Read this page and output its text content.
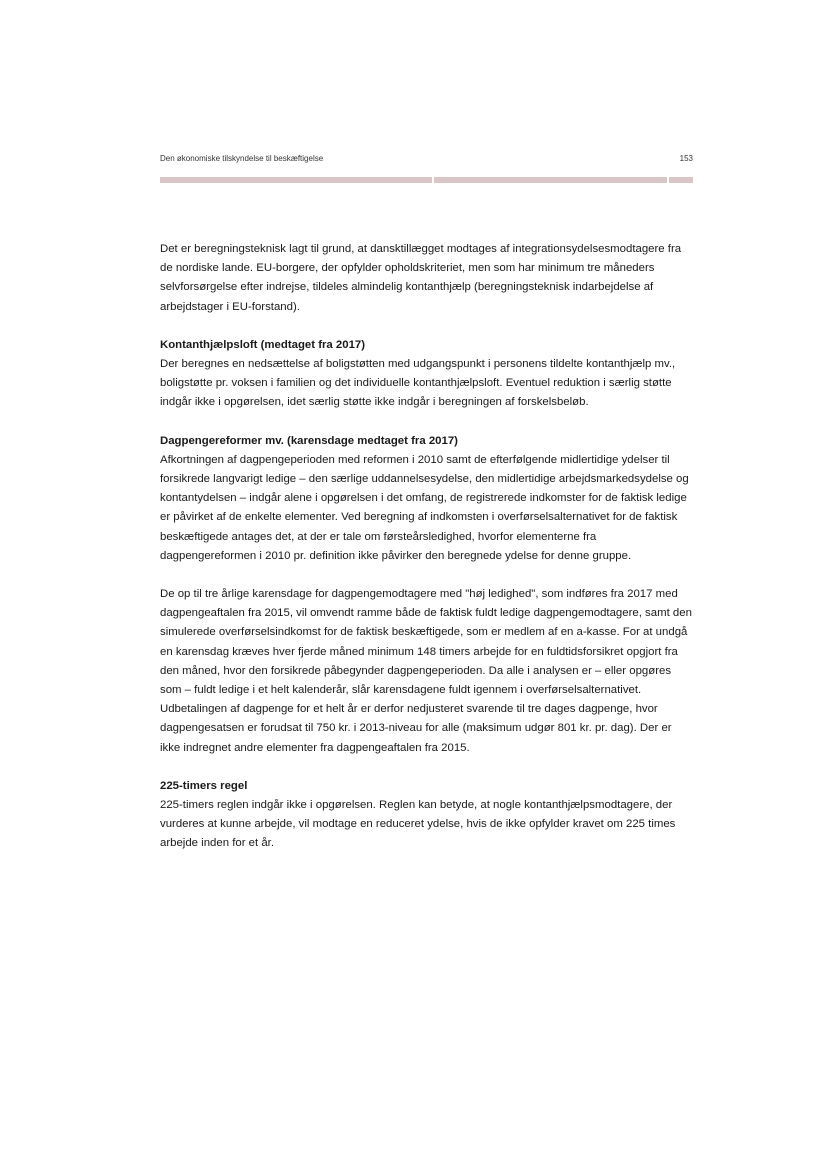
Den økonomiske tilskyndelse til beskæftigelse	153

Det er beregningsteknisk lagt til grund, at dansktillægget modtages af integrationsydelsesmodtagere fra de nordiske lande. EU-borgere, der opfylder opholdskriteriet, men som har minimum tre måneders selvforsørgelse efter indrejse, tildeles almindelig kontanthjælp (beregningsteknisk indarbejdelse af arbejdstager i EU-forstand).

Kontanthjælpsloft (medtaget fra 2017)

Der beregnes en nedsættelse af boligstøtten med udgangspunkt i personens tildelte kontanthjælp mv., boligstøtte pr. voksen i familien og det individuelle kontanthjælpsloft. Eventuel reduktion i særlig støtte indgår ikke i opgørelsen, idet særlig støtte ikke indgår i beregningen af forskelsbeløb.

Dagpengereformer mv. (karensdage medtaget fra 2017)

Afkortningen af dagpengeperioden med reformen i 2010 samt de efterfølgende midlertidige ydelser til forsikrede langvarigt ledige – den særlige uddannelsesydelse, den midlertidige arbejdsmarkedsydelse og kontantydelsen – indgår alene i opgørelsen i det omfang, de registrerede indkomster for de faktisk ledige er påvirket af de enkelte elementer. Ved beregning af indkomsten i overførselsalternativet for de faktisk beskæftigede antages det, at der er tale om førsteårsledighed, hvorfor elementerne fra dagpengereformen i 2010 pr. definition ikke påvirker den beregnede ydelse for denne gruppe.

De op til tre årlige karensdage for dagpengemodtagere med "høj ledighed", som indføres fra 2017 med dagpengeaftalen fra 2015, vil omvendt ramme både de faktisk fuldt ledige dagpengemodtagere, samt den simulerede overførselsindkomst for de faktisk beskæftigede, som er medlem af en a-kasse. For at undgå en karensdag kræves hver fjerde måned minimum 148 timers arbejde for en fuldtidsforsikret opgjort fra den måned, hvor den forsikrede påbegynder dagpengeperioden. Da alle i analysen er – eller opgøres som – fuldt ledige i et helt kalenderår, slår karensdagene fuldt igennem i overførselsalternativet. Udbetalingen af dagpenge for et helt år er derfor nedjusteret svarende til tre dages dagpenge, hvor dagpengesatsen er forudsat til 750 kr. i 2013-niveau for alle (maksimum udgør 801 kr. pr. dag). Der er ikke indregnet andre elementer fra dagpengeaftalen fra 2015.

225-timers regel

225-timers reglen indgår ikke i opgørelsen. Reglen kan betyde, at nogle kontanthjælpsmodtagere, der vurderes at kunne arbejde, vil modtage en reduceret ydelse, hvis de ikke opfylder kravet om 225 times arbejde inden for et år.
